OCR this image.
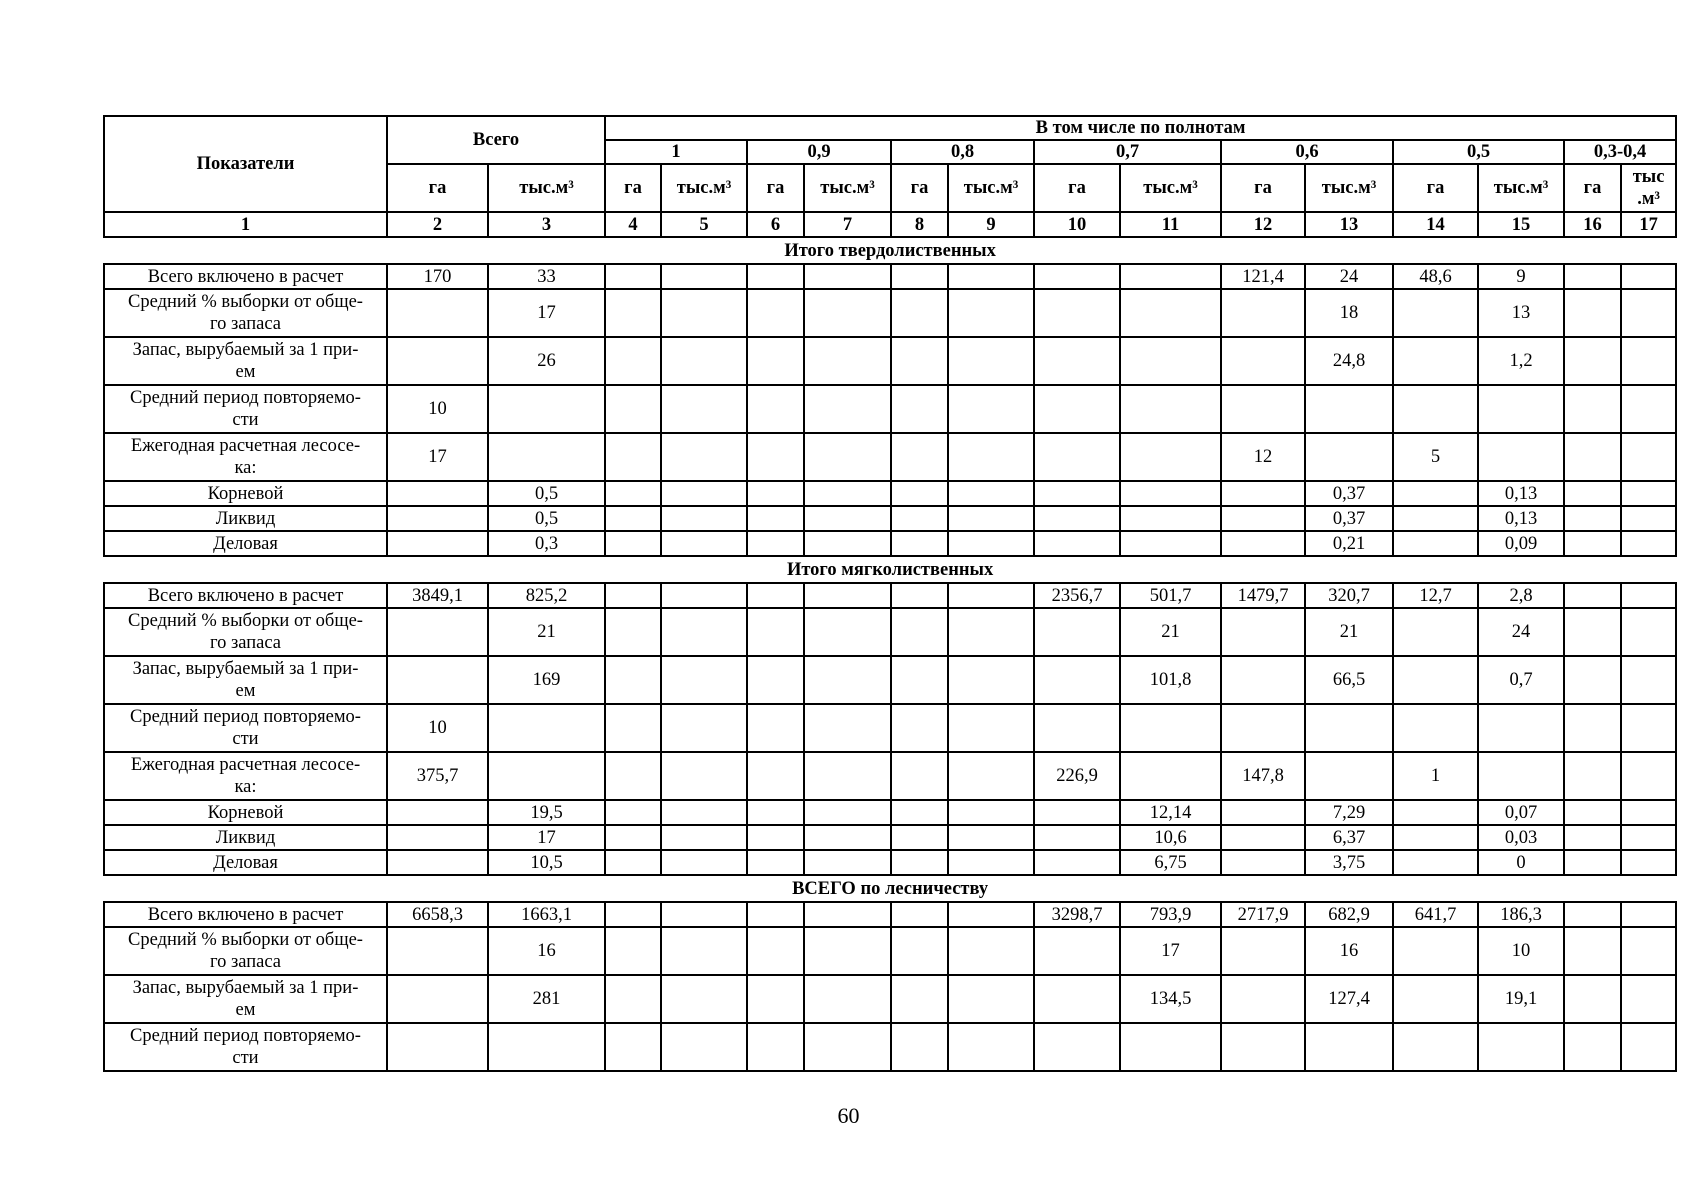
Показатели	Всего		В том числе по полнотам													
			1		0,9		0,8		0,7		0,6		0,5		0,3-0,4	
	га	тыс.м³	га	тыс.м³	га	тыс.м³	га	тыс.м³	га	тыс.м³	га	тыс.м³	га	тыс.м³	га	тыс
.м³
1	2	3	4	5	6	7	8	9	10	11	12	13	14	15	16	17
Итого твердолиственных																
Всего включено в расчет	170	33									121,4	24	48,6	9		
Средний % выборки от обще-
го запаса		17										18		13		
Запас, вырубаемый за 1 при-
ем		26										24,8		1,2		
Средний период повторяемо-
сти	10															
Ежегодная расчетная лесосе-
ка:	17										12		5			
Корневой		0,5										0,37		0,13		
Ликвид		0,5										0,37		0,13		
Деловая		0,3										0,21		0,09		
Итого мягколиственных																
Всего включено в расчет	3849,1	825,2							2356,7	501,7	1479,7	320,7	12,7	2,8		
Средний % выборки от обще-
го запаса		21								21		21		24		
Запас, вырубаемый за 1 при-
ем		169								101,8		66,5		0,7		
Средний период повторяемо-
сти	10															
Ежегодная расчетная лесосе-
ка:	375,7								226,9		147,8		1			
Корневой		19,5								12,14		7,29		0,07		
Ликвид		17								10,6		6,37		0,03		
Деловая		10,5								6,75		3,75		0		
ВСЕГО по лесничеству																
Всего включено в расчет	6658,3	1663,1							3298,7	793,9	2717,9	682,9	641,7	186,3		
Средний % выборки от обще-
го запаса		16								17		16		10		
Запас, вырубаемый за 1 при-
ем		281								134,5		127,4		19,1		
Средний период повторяемо-
сти																
60
